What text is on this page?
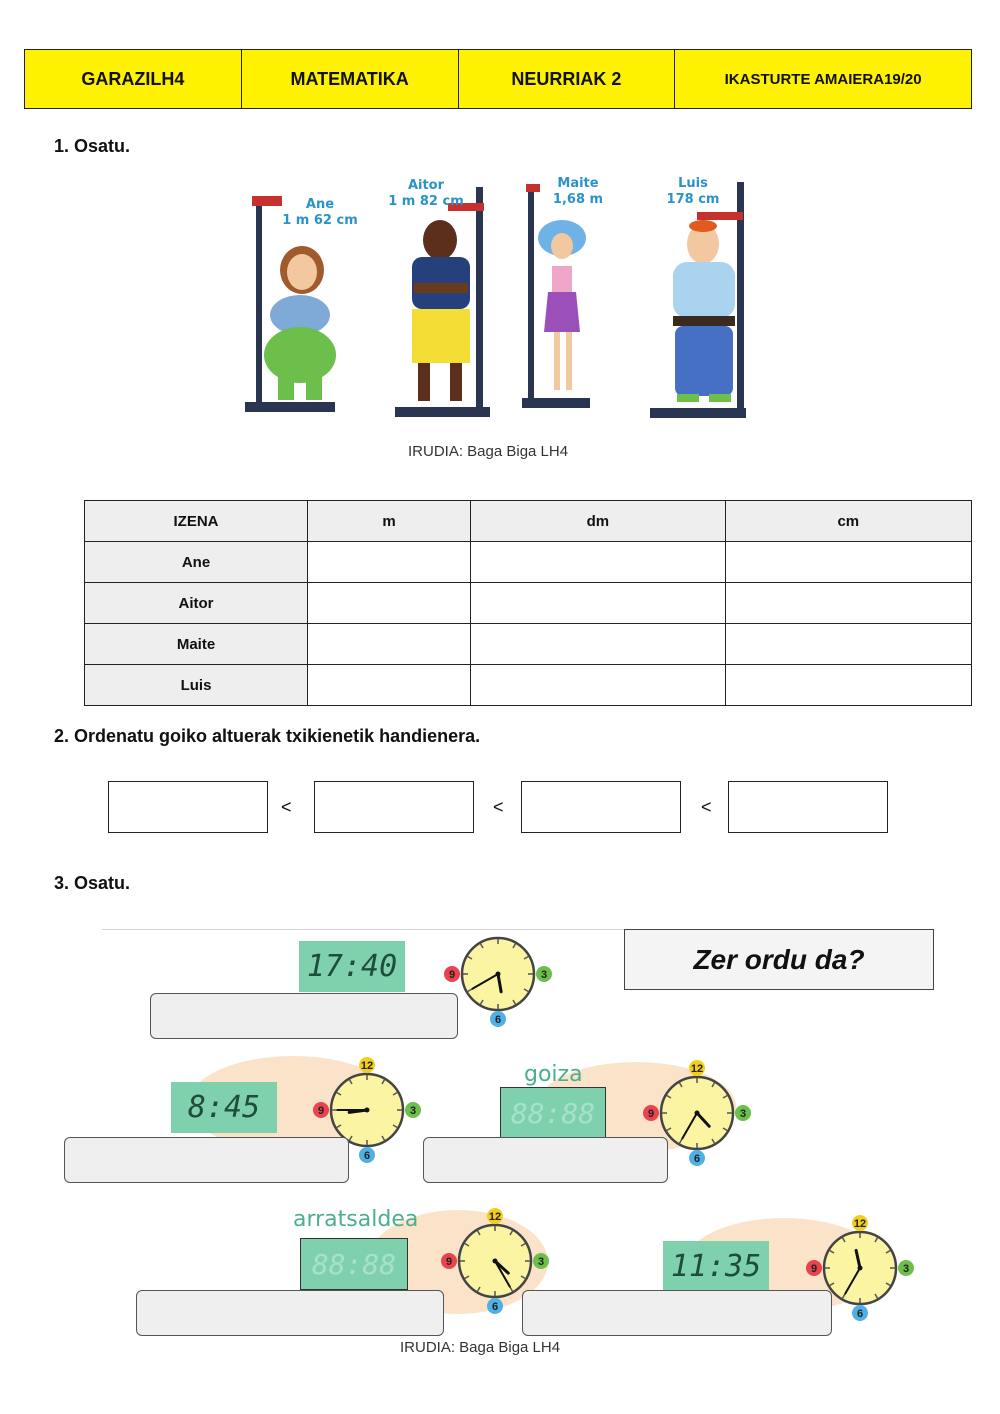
GARAZILH4	MATEMATIKA	NEURRIAK 2	IKASTURTE AMAIERA19/20
1. Osatu.
Ane
1 m 62 cm
Aitor
1 m 82 cm
Maite
1,68 m
Luis
178 cm
IRUDIA: Baga Biga LH4
IZENA	m	dm	cm
Ane			
Aitor			
Maite			
Luis			
2. Ordenatu goiko altuerak txikienetik handienera.
<	<	<
3. Osatu.
Zer ordu da?
17:40
8:45
goiza
88:88
arratsaldea
88:88	11:35
3
6
9
12
3
6
9
12
3
6
9
12
3
6
9
12
3
6
9
IRUDIA: Baga Biga LH4
